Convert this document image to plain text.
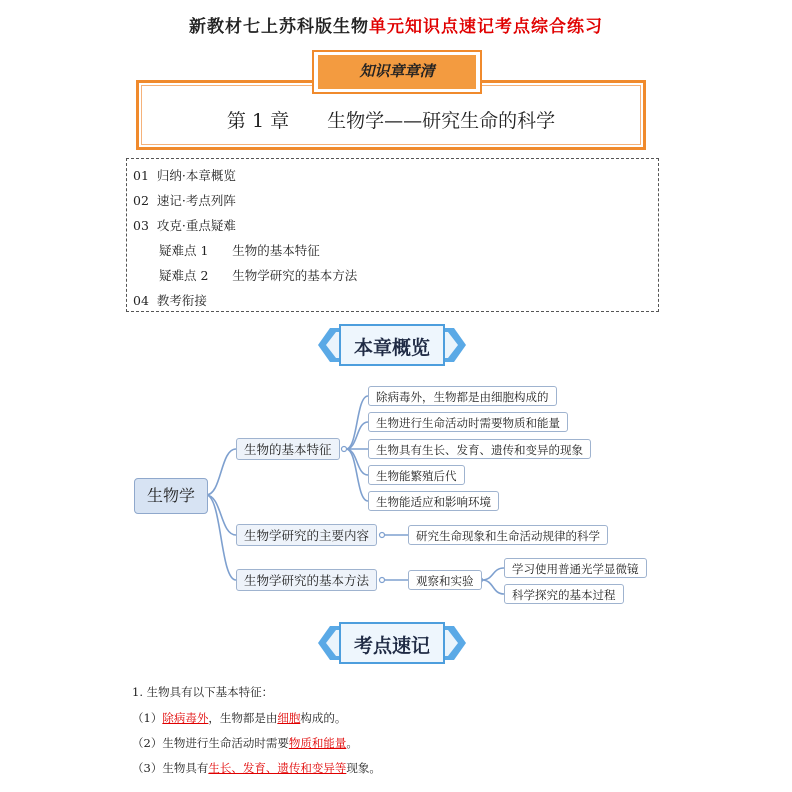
新教材七上苏科版生物单元知识点速记考点综合练习
知识章章清
第 1 章　　生物学——研究生命的科学
01  归纳·本章概览
02  速记·考点列阵
03  攻克·重点疑难
疑难点 1      生物的基本特征
疑难点 2      生物学研究的基本方法
04  教考衔接
本章概览
生物学
生物的基本特征
生物学研究的主要内容
生物学研究的基本方法
除病毒外，生物都是由细胞构成的
生物进行生命活动时需要物质和能量
生物具有生长、发育、遗传和变异的现象
生物能繁殖后代
生物能适应和影响环境
研究生命现象和生命活动规律的科学
观察和实验
学习使用普通光学显微镜
科学探究的基本过程
考点速记
1. 生物具有以下基本特征：
（1）除病毒外，生物都是由细胞构成的。
（2）生物进行生命活动时需要物质和能量。
（3）生物具有生长、发育、遗传和变异等现象。
